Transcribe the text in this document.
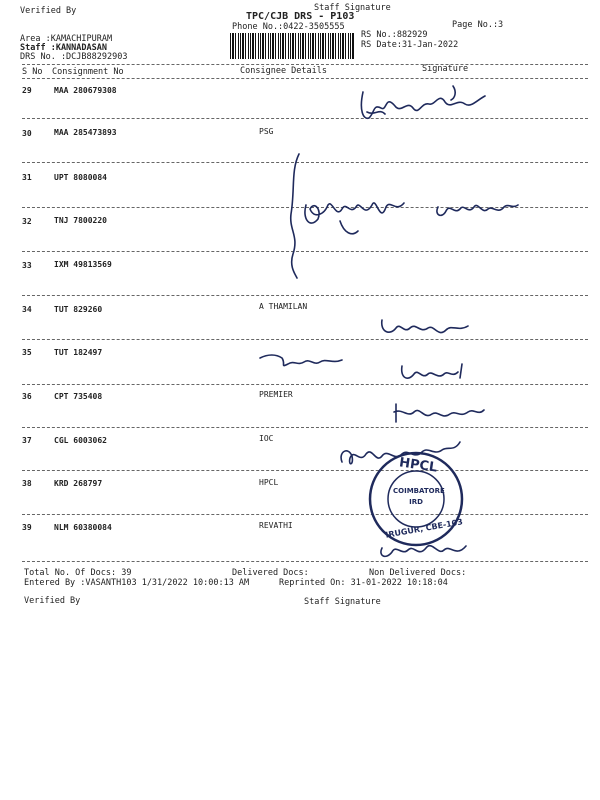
Verified By	Staff Signature
TPC/CJB DRS - P103
Phone No.:0422-3505555	Page No.:3
RS No.:882929
RS Date:31-Jan-2022
Area :KAMACHIPURAM
Staff :KANNADASAN
DRS No. :DCJB88292903
S No Consignment No	Consignee Details	Signature
29	MAA 280679308
30	MAA 285473893	PSG
31	UPT 8080084
32	TNJ 7800220
33	IXM 49813569
34	TUT 829260	A THAMILAN
35	TUT 182497
36	CPT 735408	PREMIER
37	CGL 6003062	IOC
38	KRD 268797	HPCL
39	NLM 60380084	REVATHI
HPCL
COIMBATORE
IRD
IRUGUR, CBE-103
Total No. Of Docs: 39	Delivered Docs:	Non Delivered Docs:
Entered By :VASANTH103 1/31/2022 10:00:13 AM	Reprinted On: 31-01-2022 10:18:04
Verified By	Staff Signature
